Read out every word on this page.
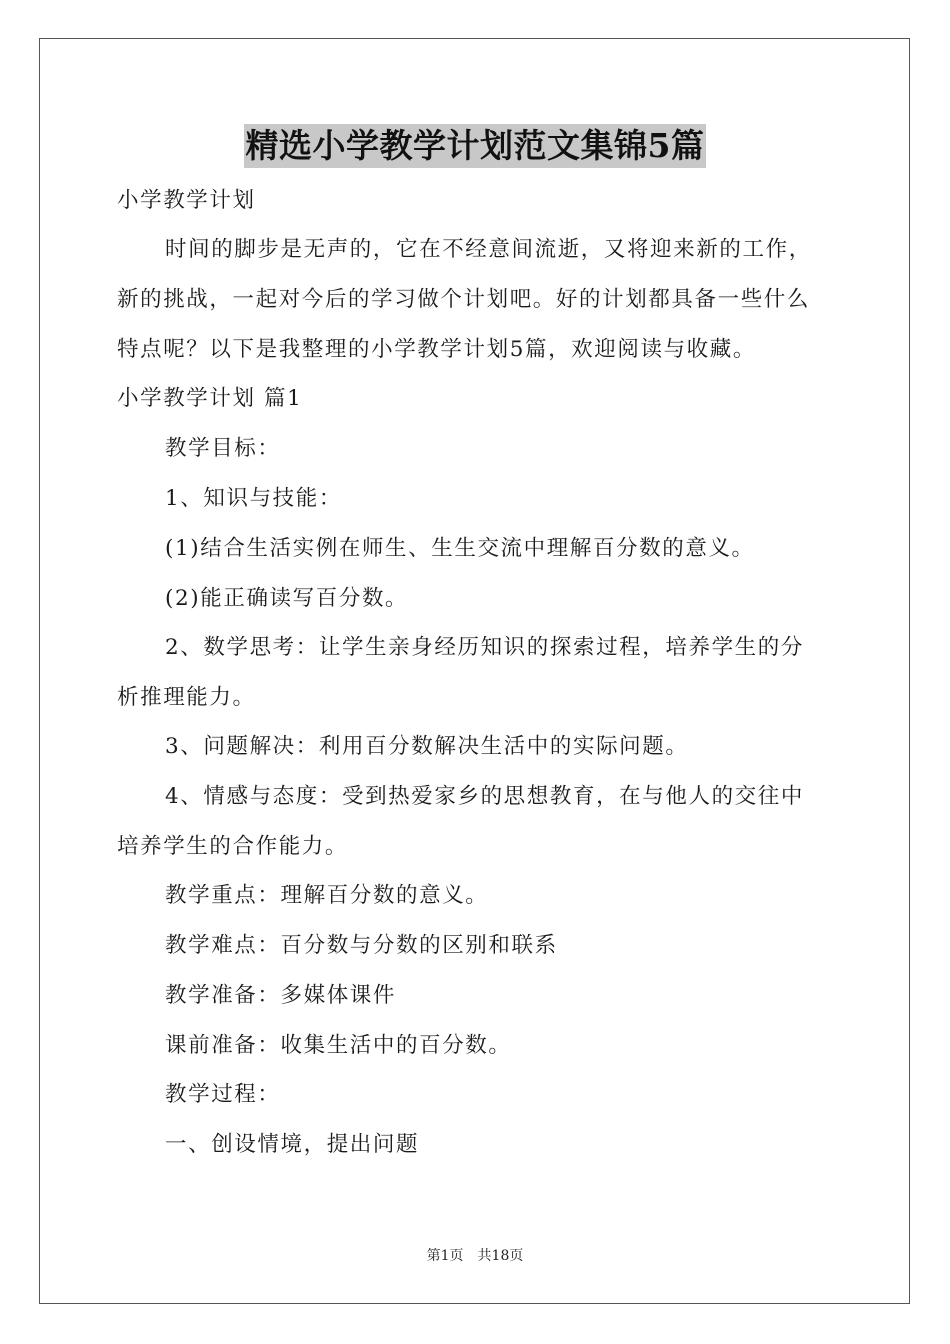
精选小学教学计划范文集锦5篇
小学教学计划
时间的脚步是无声的，它在不经意间流逝，又将迎来新的工作，
新的挑战，一起对今后的学习做个计划吧。好的计划都具备一些什么
特点呢？以下是我整理的小学教学计划5篇，欢迎阅读与收藏。
小学教学计划 篇1
教学目标：
1、知识与技能：
(1)结合生活实例在师生、生生交流中理解百分数的意义。
(2)能正确读写百分数。
2、数学思考：让学生亲身经历知识的探索过程，培养学生的分
析推理能力。
3、问题解决：利用百分数解决生活中的实际问题。
4、情感与态度：受到热爱家乡的思想教育，在与他人的交往中
培养学生的合作能力。
教学重点：理解百分数的意义。
教学难点：百分数与分数的区别和联系
教学准备：多媒体课件
课前准备：收集生活中的百分数。
教学过程：
一、创设情境，提出问题
第1页　共18页
